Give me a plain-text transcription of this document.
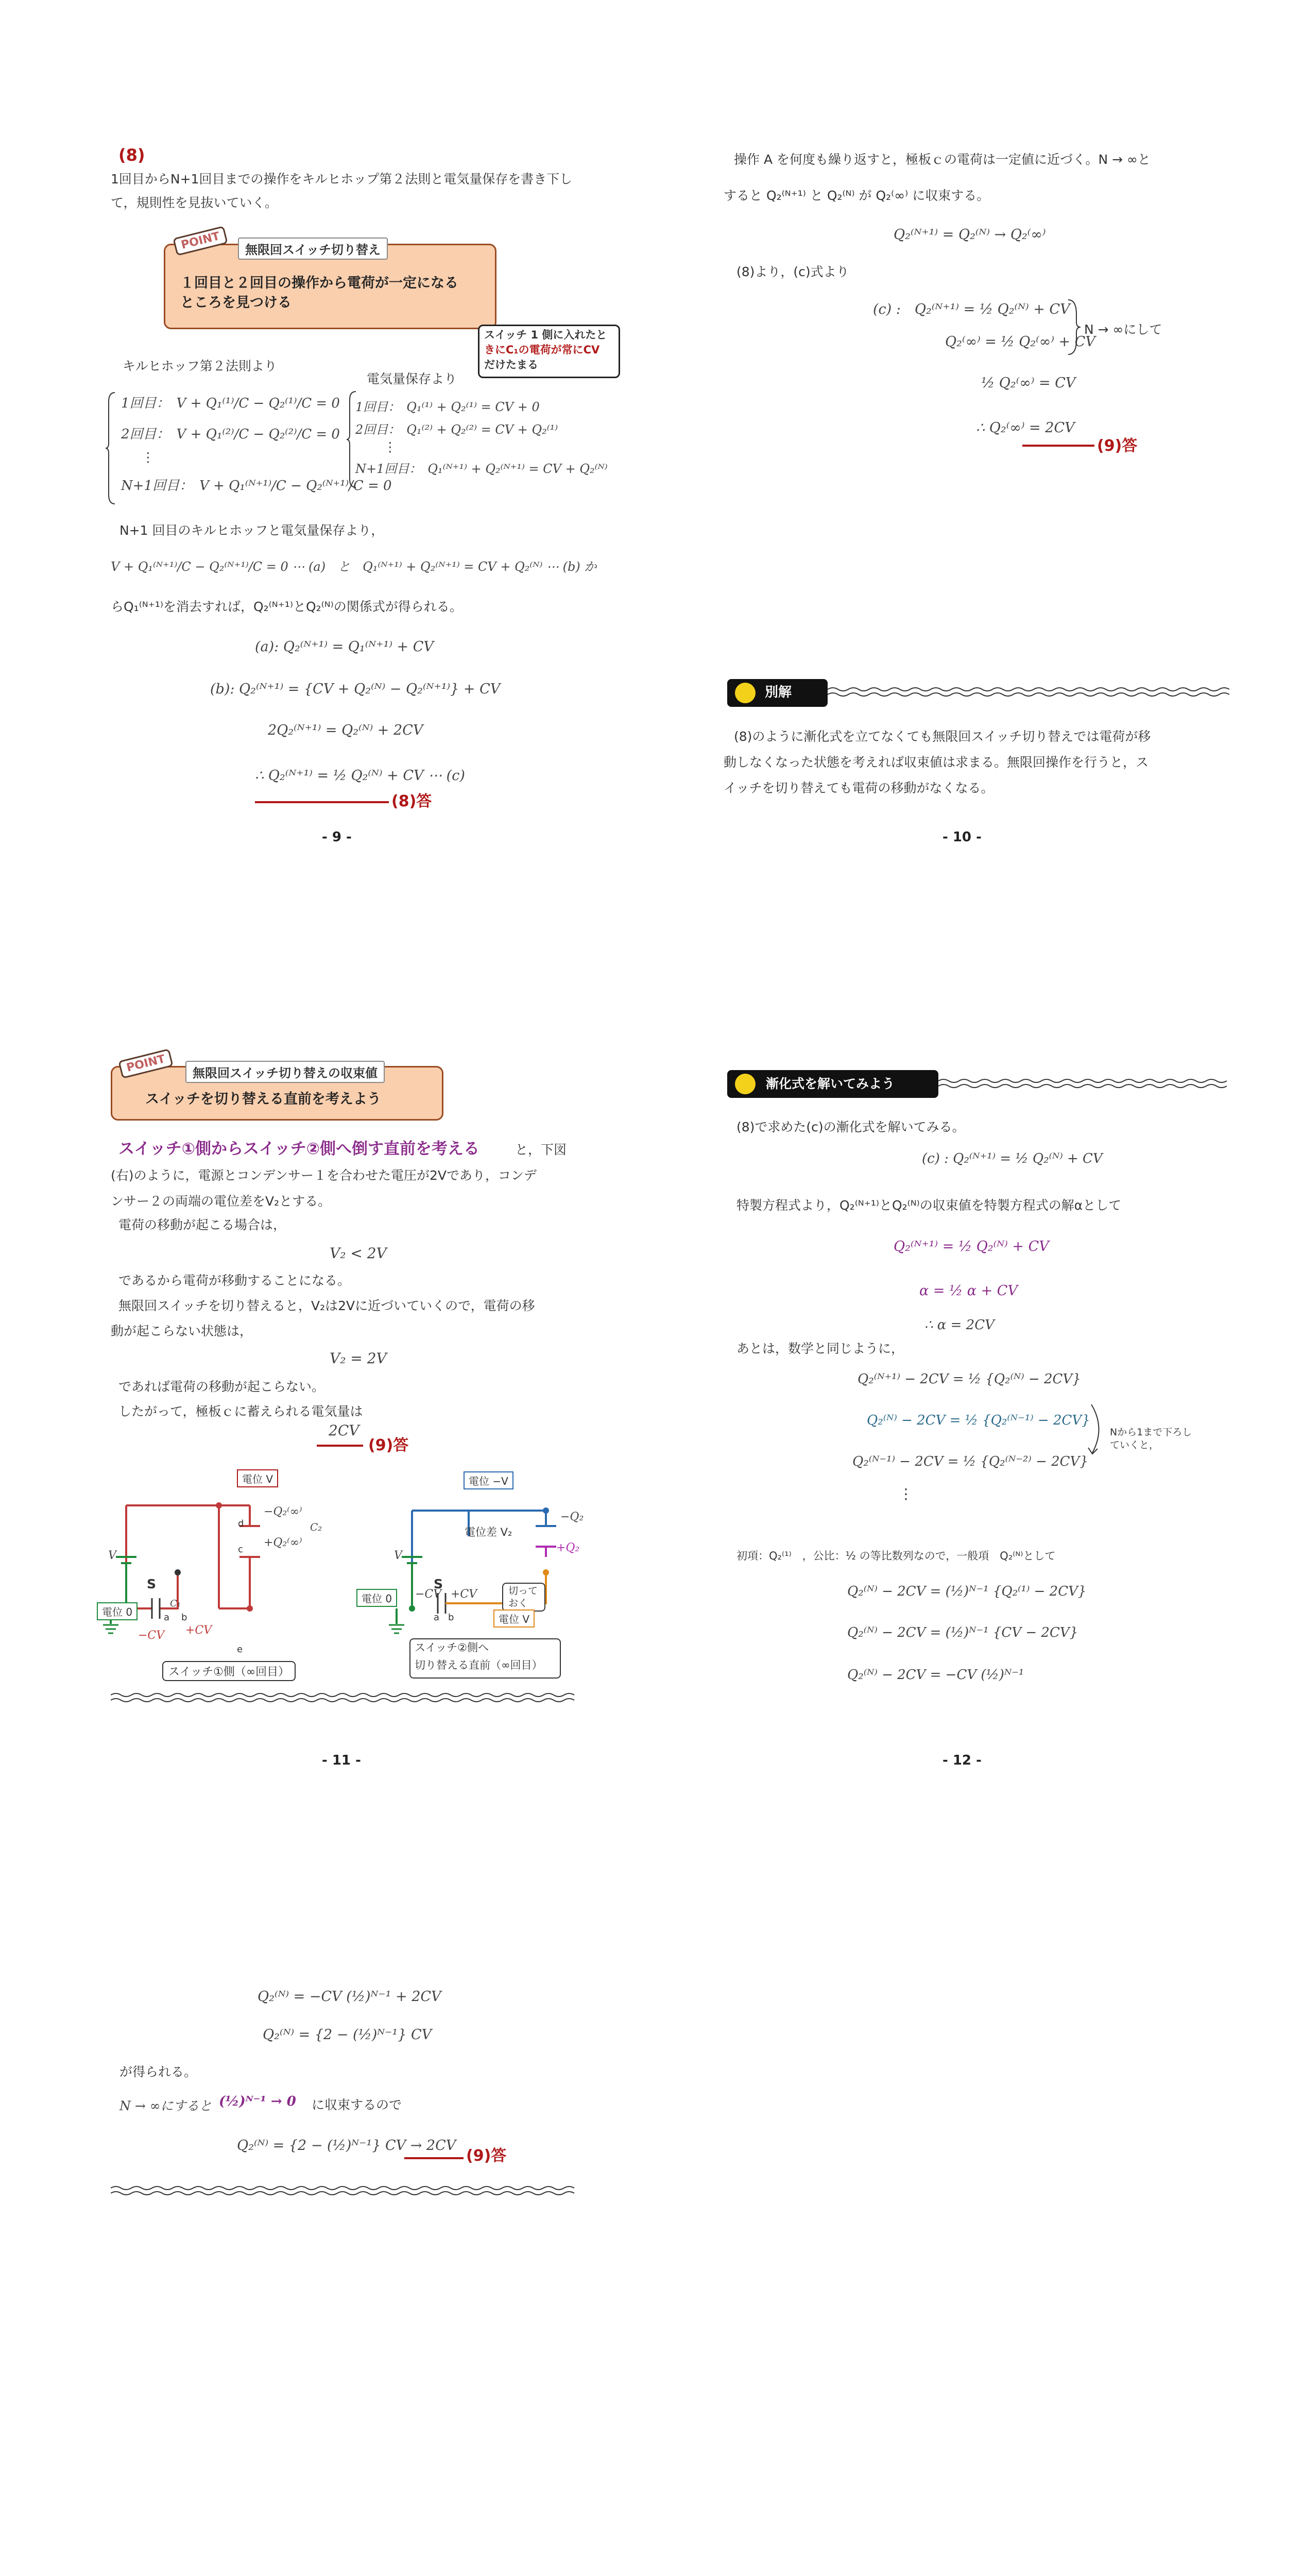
(8)
1回目からN+1回目までの操作をキルヒホップ第２法則と電気量保存を書き下して，規則性を見抜いていく。
POINT	無限回スイッチ切り替え
１回目と２回目の操作から電荷が一定になる
ところを見つける
スイッチ 1 側に入れたと
きにC₁の電荷が常にCV
だけたまる
キルヒホッフ第２法則より
電気量保存より
1回目：　V + Q₁⁽¹⁾/C − Q₂⁽¹⁾/C = 0
2回目：　V + Q₁⁽²⁾/C − Q₂⁽²⁾/C = 0
⋮
N+1回目：　V + Q₁⁽ᴺ⁺¹⁾/C − Q₂⁽ᴺ⁺¹⁾/C = 0
1回目：　Q₁⁽¹⁾ + Q₂⁽¹⁾ = CV + 0
2回目：　Q₁⁽²⁾ + Q₂⁽²⁾ = CV + Q₂⁽¹⁾
⋮
N+1回目：　Q₁⁽ᴺ⁺¹⁾ + Q₂⁽ᴺ⁺¹⁾ = CV + Q₂⁽ᴺ⁾
N+1 回目のキルヒホッフと電気量保存より，
V + Q₁⁽ᴺ⁺¹⁾/C − Q₂⁽ᴺ⁺¹⁾/C = 0 ⋯ (a)　と　Q₁⁽ᴺ⁺¹⁾ + Q₂⁽ᴺ⁺¹⁾ = CV + Q₂⁽ᴺ⁾ ⋯ (b) か
らQ₁⁽ᴺ⁺¹⁾を消去すれば，Q₂⁽ᴺ⁺¹⁾とQ₂⁽ᴺ⁾の関係式が得られる。
(a): Q₂⁽ᴺ⁺¹⁾ = Q₁⁽ᴺ⁺¹⁾ + CV
(b): Q₂⁽ᴺ⁺¹⁾ = {CV + Q₂⁽ᴺ⁾ − Q₂⁽ᴺ⁺¹⁾} + CV
2Q₂⁽ᴺ⁺¹⁾ = Q₂⁽ᴺ⁾ + 2CV
∴ Q₂⁽ᴺ⁺¹⁾ = ½ Q₂⁽ᴺ⁾ + CV ⋯ (c)
(8)答
- 9 -
操作 A を何度も繰り返すと，極板ｃの電荷は一定値に近づく。N → ∞と
すると Q₂⁽ᴺ⁺¹⁾ と Q₂⁽ᴺ⁾ が Q₂⁽∞⁾ に収束する。
Q₂⁽ᴺ⁺¹⁾ = Q₂⁽ᴺ⁾ → Q₂⁽∞⁾
(8)より，(c)式より
(c) :　Q₂⁽ᴺ⁺¹⁾ = ½ Q₂⁽ᴺ⁾ + CV
Q₂⁽∞⁾ = ½ Q₂⁽∞⁾ + CV
N → ∞にして
½ Q₂⁽∞⁾ = CV
∴ Q₂⁽∞⁾ = 2CV
(9)答
別解
(8)のように漸化式を立てなくても無限回スイッチ切り替えでは電荷が移
動しなくなった状態を考えれば収束値は求まる。無限回操作を行うと，ス
イッチを切り替えても電荷の移動がなくなる。
- 10 -
POINT	無限回スイッチ切り替えの収束値
スイッチを切り替える直前を考えよう
スイッチ①側からスイッチ②側へ倒す直前を考える	と，下図
(右)のように，電源とコンデンサー１を合わせた電圧が2Vであり，コンデ
ンサー２の両端の電位差をV₂とする。
電荷の移動が起こる場合は，
V₂ < 2V
であるから電荷が移動することになる。
無限回スイッチを切り替えると，V₂は2Vに近づいていくので，電荷の移
動が起こらない状態は，
V₂ = 2V
であれば電荷の移動が起こらない。
したがって，極板ｃに蓄えられる電気量は
2CV
(9)答
電位 V
−Q₂⁽∞⁾
+Q₂⁽∞⁾
C₂
d
c
V
S
C₁
電位 0
−CV +CV
a b
e
スイッチ①側（∞回目）
電位 −V
電位差 V₂
−Q₂
+Q₂
V
S
電位 0	−CV +CV	切って おく
a b	電位 V
スイッチ②側へ
切り替える直前（∞回目）
- 11 -
漸化式を解いてみよう
(8)で求めた(c)の漸化式を解いてみる。
(c) : Q₂⁽ᴺ⁺¹⁾ = ½ Q₂⁽ᴺ⁾ + CV
特製方程式より，Q₂⁽ᴺ⁺¹⁾とQ₂⁽ᴺ⁾の収束値を特製方程式の解αとして
Q₂⁽ᴺ⁺¹⁾ = ½ Q₂⁽ᴺ⁾ + CV
α = ½ α + CV
∴ α = 2CV
あとは，数学と同じように，
Q₂⁽ᴺ⁺¹⁾ − 2CV = ½ {Q₂⁽ᴺ⁾ − 2CV}
Q₂⁽ᴺ⁾ − 2CV = ½ {Q₂⁽ᴺ⁻¹⁾ − 2CV}
Q₂⁽ᴺ⁻¹⁾ − 2CV = ½ {Q₂⁽ᴺ⁻²⁾ − 2CV}
⋮
Nから1まで下ろし
ていくと，
初項：Q₂⁽¹⁾　，公比：½ の等比数列なので，一般項　Q₂⁽ᴺ⁾として
Q₂⁽ᴺ⁾ − 2CV = (½)ᴺ⁻¹ {Q₂⁽¹⁾ − 2CV}
Q₂⁽ᴺ⁾ − 2CV = (½)ᴺ⁻¹ {CV − 2CV}
Q₂⁽ᴺ⁾ − 2CV = −CV (½)ᴺ⁻¹
- 12 -
Q₂⁽ᴺ⁾ = −CV (½)ᴺ⁻¹ + 2CV
Q₂⁽ᴺ⁾ = {2 − (½)ᴺ⁻¹} CV
が得られる。
N → ∞にすると (½)ᴺ⁻¹ → 0 に収束するので
Q₂⁽ᴺ⁾ = {2 − (½)ᴺ⁻¹} CV → 2CV
(9)答
